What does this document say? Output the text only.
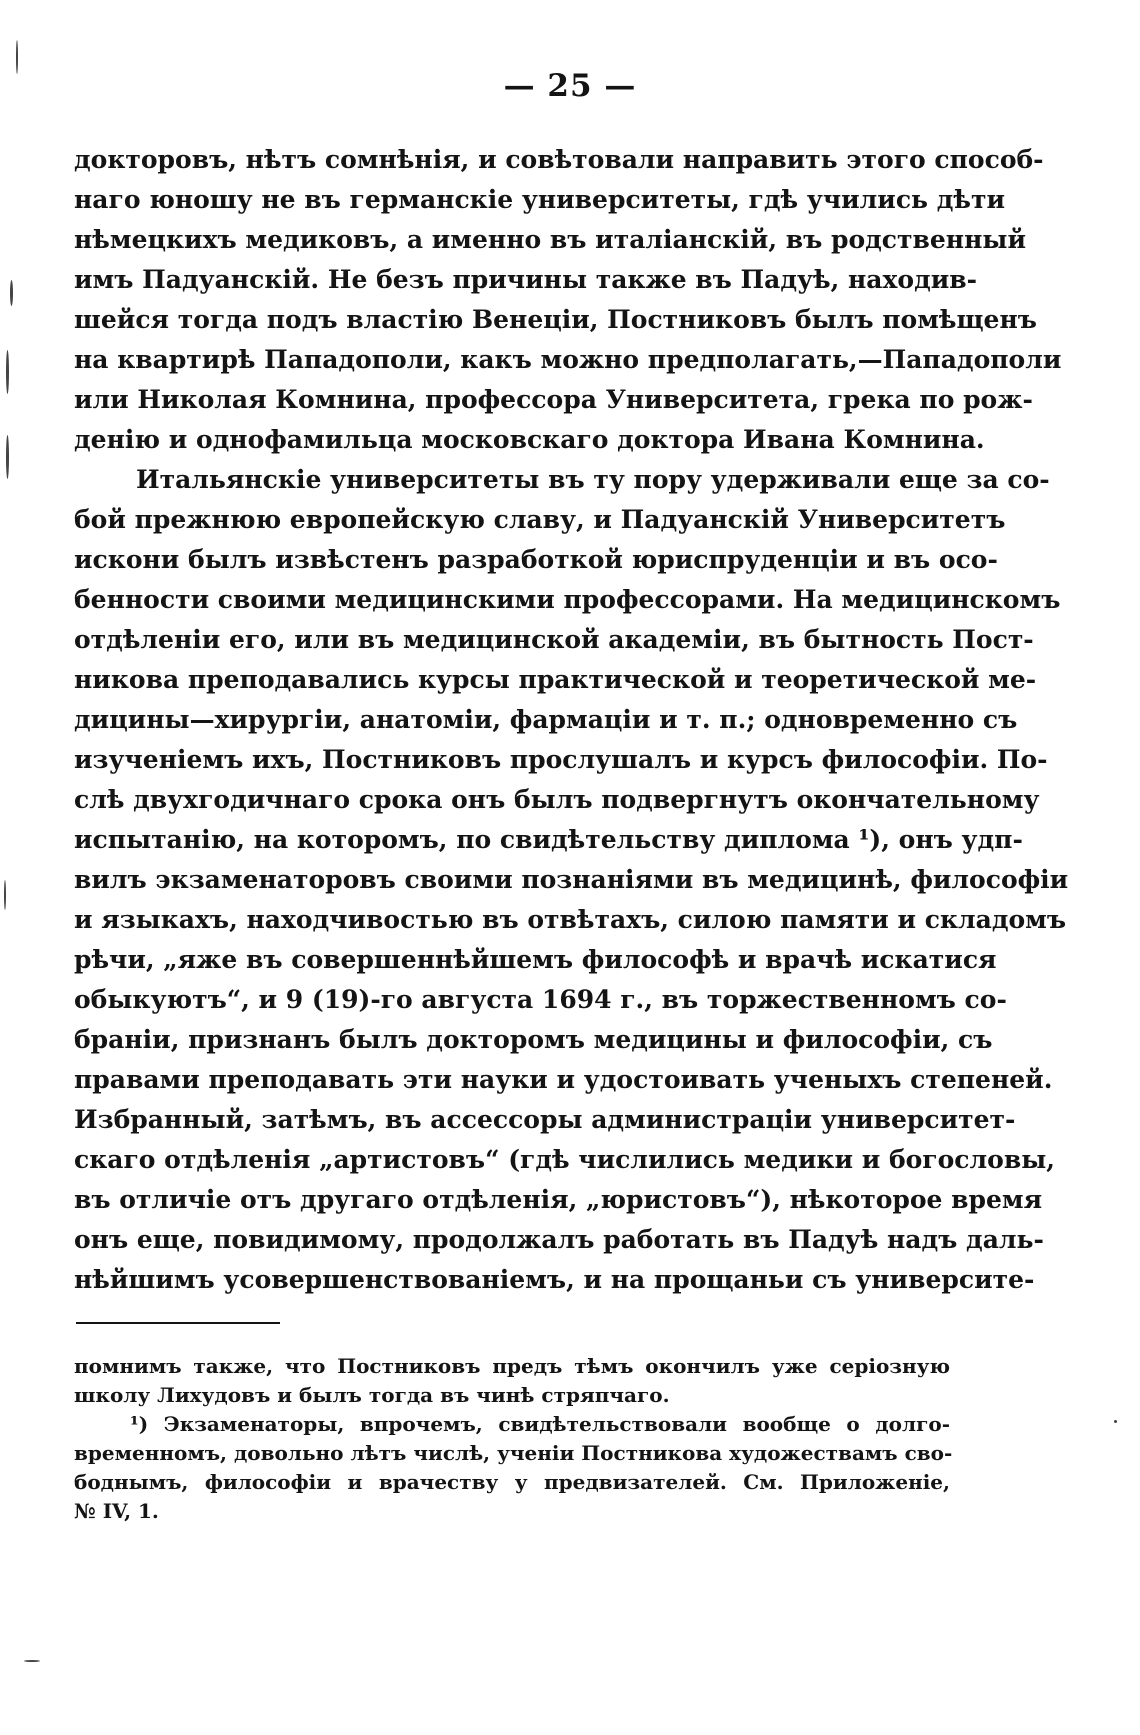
— 25 —
докторовъ, нѣтъ сомнѣнія, и совѣтовали направить этого способ-
наго юношу не въ германскіе университеты, гдѣ учились дѣти
нѣмецкихъ медиковъ, а именно въ италіанскій, въ родственный
имъ Падуанскій. Не безъ причины также въ Падуѣ, находив-
шейся тогда подъ властію Венеціи, Постниковъ былъ помѣщенъ
на квартирѣ Пападополи, какъ можно предполагать,—Пападополи
или Николая Комнина, профессора Университета, грека по рож-
денію и однофамильца московскаго доктора Ивана Комнина.
Итальянскіе университеты въ ту пору удерживали еще за со-
бой прежнюю европейскую славу, и Падуанскій Университетъ
искони былъ извѣстенъ разработкой юриспруденціи и въ осо-
бенности своими медицинскими профессорами. На медицинскомъ
отдѣленіи его, или въ медицинской академіи, въ бытность Пост-
никова преподавались курсы практической и теоретической ме-
дицины—хирургіи, анатоміи, фармаціи и т. п.; одновременно съ
изученіемъ ихъ, Постниковъ прослушалъ и курсъ философіи. По-
слѣ двухгодичнаго срока онъ былъ подвергнутъ окончательному
испытанію, на которомъ, по свидѣтельству диплома ¹), онъ удп-
вилъ экзаменаторовъ своими познаніями въ медицинѣ, философіи
и языкахъ, находчивостью въ отвѣтахъ, силою памяти и складомъ
рѣчи, „яже въ совершеннѣйшемъ философѣ и врачѣ искатися
обыкуютъ“, и 9 (19)-го августа 1694 г., въ торжественномъ со-
браніи, признанъ былъ докторомъ медицины и философіи, съ
правами преподавать эти науки и удостоивать ученыхъ степеней.
Избранный, затѣмъ, въ ассессоры администраціи университет-
скаго отдѣленія „артистовъ“ (гдѣ числились медики и богословы,
въ отличіе отъ другаго отдѣленія, „юристовъ“), нѣкоторое время
онъ еще, повидимому, продолжалъ работать въ Падуѣ надъ даль-
нѣйшимъ усовершенствованіемъ, и на прощаньи съ университе-
помнимъ также, что Постниковъ предъ тѣмъ окончилъ уже серіозную
школу Лихудовъ и былъ тогда въ чинѣ стряпчаго.
¹) Экзаменаторы, впрочемъ, свидѣтельствовали вообще о долго-
временномъ, довольно лѣтъ числѣ, ученіи Постникова художествамъ сво-
боднымъ, философіи и врачеству у предвизателей. См. Приложеніе,
№ IV, 1.
